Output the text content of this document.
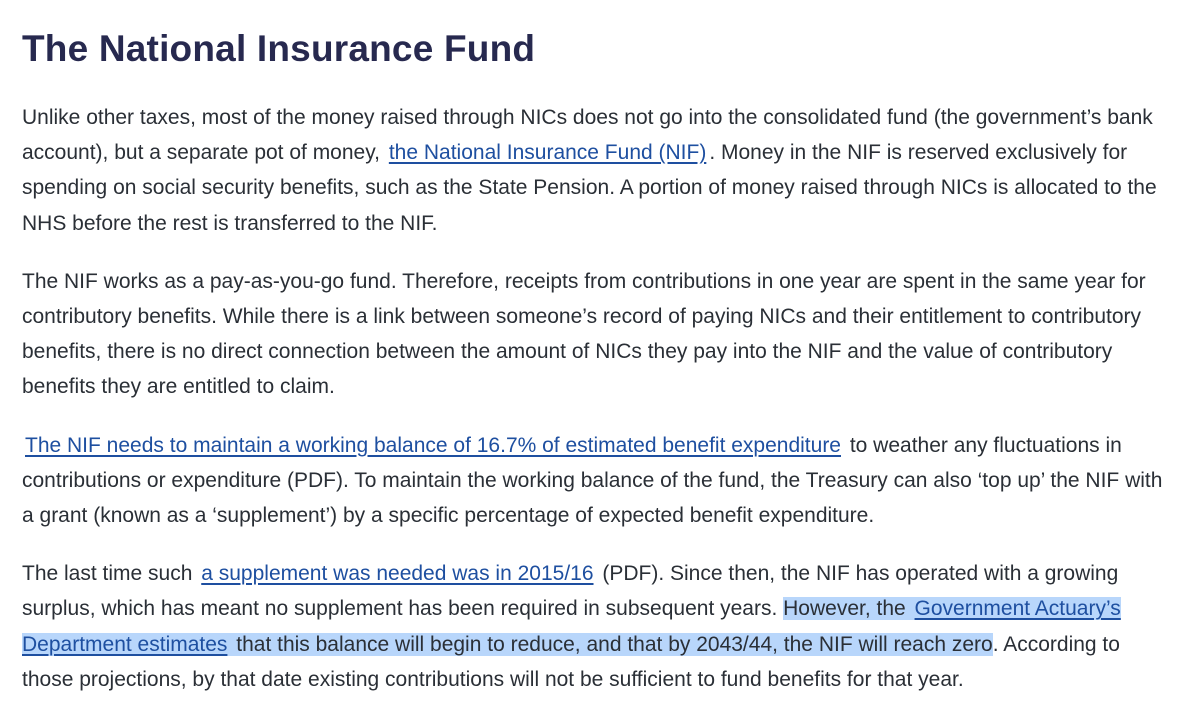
The National Insurance Fund

Unlike other taxes, most of the money raised through NICs does not go into the consolidated fund (the government’s bank account), but a separate pot of money, the National Insurance Fund (NIF) . Money in the NIF is reserved exclusively for spending on social security benefits, such as the State Pension. A portion of money raised through NICs is allocated to the NHS before the rest is transferred to the NIF.

The NIF works as a pay-as-you-go fund. Therefore, receipts from contributions in one year are spent in the same year for contributory benefits. While there is a link between someone’s record of paying NICs and their entitlement to contributory benefits, there is no direct connection between the amount of NICs they pay into the NIF and the value of contributory benefits they are entitled to claim.

The NIF needs to maintain a working balance of 16.7% of estimated benefit expenditure to weather any fluctuations in contributions or expenditure (PDF). To maintain the working balance of the fund, the Treasury can also ‘top up’ the NIF with a grant (known as a ‘supplement’) by a specific percentage of expected benefit expenditure.

The last time such a supplement was needed was in 2015/16 (PDF). Since then, the NIF has operated with a growing surplus, which has meant no supplement has been required in subsequent years. However, the Government Actuary’s Department estimates that this balance will begin to reduce, and that by 2043/44, the NIF will reach zero. According to those projections, by that date existing contributions will not be sufficient to fund benefits for that year.
